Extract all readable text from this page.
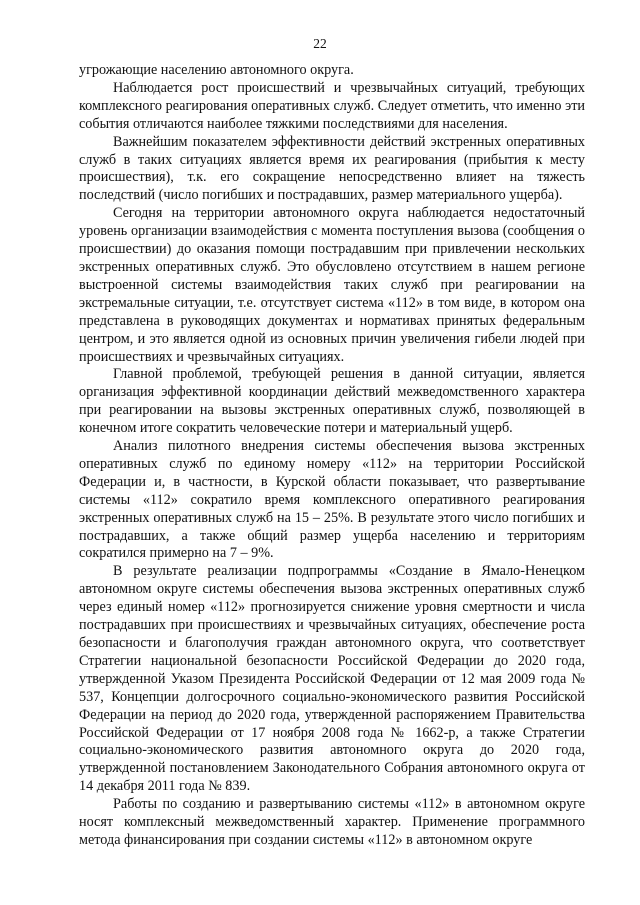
22

угрожающие населению автономного округа.

Наблюдается рост происшествий и чрезвычайных ситуаций, требующих комплексного реагирования оперативных служб. Следует отметить, что именно эти события отличаются наиболее тяжкими последствиями для населения.

Важнейшим показателем эффективности действий экстренных оперативных служб в таких ситуациях является время их реагирования (прибытия к месту происшествия), т.к. его сокращение непосредственно влияет на тяжесть последствий (число погибших и пострадавших, размер материального ущерба).

Сегодня на территории автономного округа наблюдается недостаточный уровень организации взаимодействия с момента поступления вызова (сообщения о происшествии) до оказания помощи пострадавшим при привлечении нескольких экстренных оперативных служб. Это обусловлено отсутствием в нашем регионе выстроенной системы взаимодействия таких служб при реагировании на экстремальные ситуации, т.е. отсутствует система «112» в том виде, в котором она представлена в руководящих документах и нормативах принятых федеральным центром, и это является одной из основных причин увеличения гибели людей при происшествиях и чрезвычайных ситуациях.

Главной проблемой, требующей решения в данной ситуации, является организация эффективной координации действий межведомственного характера при реагировании на вызовы экстренных оперативных служб, позволяющей в конечном итоге сократить человеческие потери и материальный ущерб.

Анализ пилотного внедрения системы обеспечения вызова экстренных оперативных служб по единому номеру «112» на территории Российской Федерации и, в частности, в Курской области показывает, что развертывание системы «112» сократило время комплексного оперативного реагирования экстренных оперативных служб на 15 – 25%. В результате этого число погибших и пострадавших, а также общий размер ущерба населению и территориям сократился примерно на 7 – 9%.

В результате реализации подпрограммы «Создание в Ямало-Ненецком автономном округе системы обеспечения вызова экстренных оперативных служб через единый номер «112» прогнозируется снижение уровня смертности и числа пострадавших при происшествиях и чрезвычайных ситуациях, обеспечение роста безопасности и благополучия граждан автономного округа, что соответствует Стратегии национальной безопасности Российской Федерации до 2020 года, утвержденной Указом Президента Российской Федерации от 12 мая 2009 года № 537, Концепции долгосрочного социально-экономического развития Российской Федерации на период до 2020 года, утвержденной распоряжением Правительства Российской Федерации от 17 ноября 2008 года № 1662-р, а также Стратегии социально-экономического развития автономного округа до 2020 года, утвержденной постановлением Законодательного Собрания автономного округа от 14 декабря 2011 года № 839.

Работы по созданию и развертыванию системы «112» в автономном округе носят комплексный межведомственный характер. Применение программного метода финансирования при создании системы «112» в автономном округе
